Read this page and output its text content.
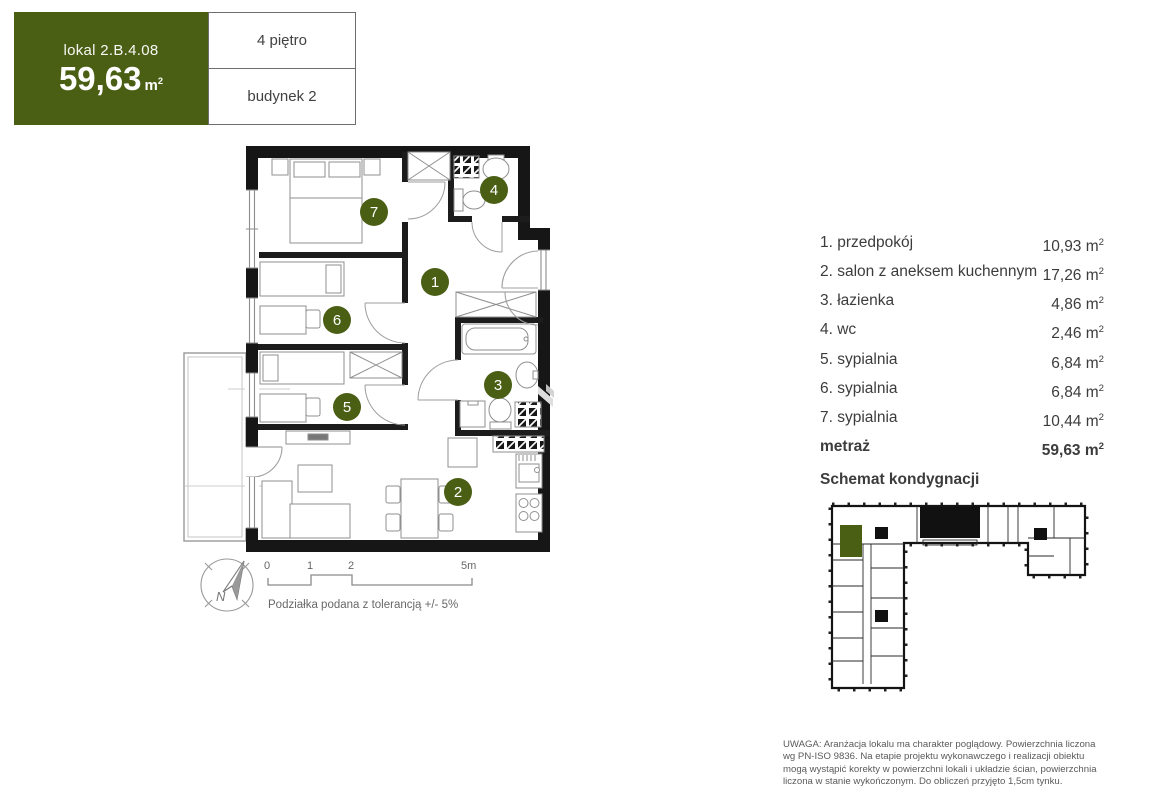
lokal 2.B.4.08
59,63 $m^2$
4 piętro
budynek 2
1
2
3
4
5
6
7
N
0	1	2	5m
Podziałka podana z tolerancją +/- 5%
1. przedpokój	10,93 $m^2$
2. salon z aneksem kuchennym 17,26 $m^2$
3. łazienka	4,86 $m^2$
4. wc	2,46 $m^2$
5. sypialnia	6,84 $m^2$
6. sypialnia	6,84 $m^2$
7. sypialnia	10,44 $m^2$
metraż	59,63 $m^2$
Schemat kondygnacji
UWAGA: Aranżacja lokalu ma charakter poglądowy. Powierzchnia liczona wg PN-ISO 9836. Na etapie projektu wykonawczego i realizacji obiektu mogą wystąpić korekty w powierzchni lokali i układzie ścian, powierzchnia liczona w stanie wykończonym. Do obliczeń przyjęto 1,5cm tynku.
